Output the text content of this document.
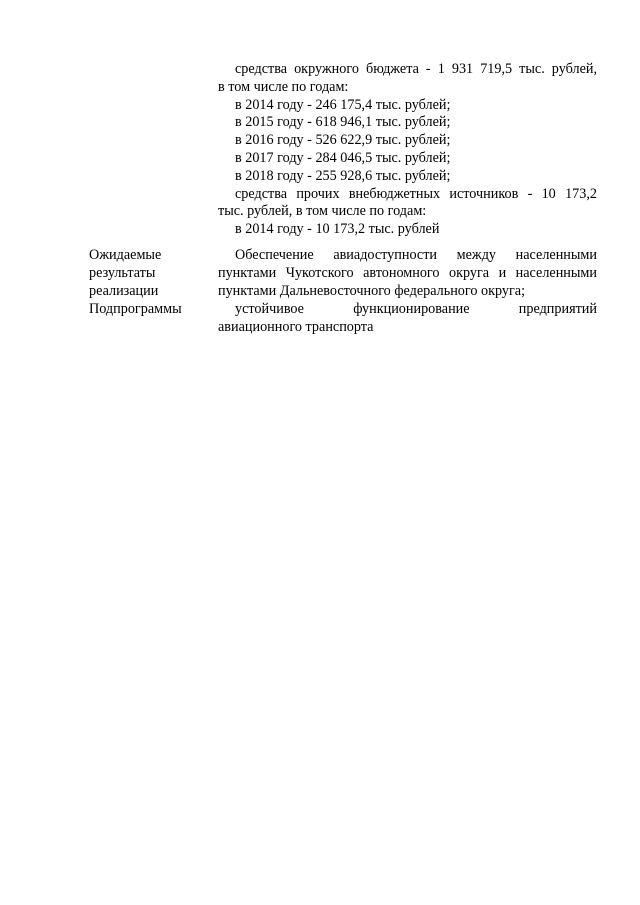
средства окружного бюджета - 1 931 719,5 тыс. рублей,
в том числе по годам:
в 2014 году - 246 175,4 тыс. рублей;
в 2015 году - 618 946,1 тыс. рублей;
в 2016 году - 526 622,9 тыс. рублей;
в 2017 году - 284 046,5 тыс. рублей;
в 2018 году - 255 928,6 тыс. рублей;
средства прочих внебюджетных источников - 10 173,2
тыс. рублей, в том числе по годам:
в 2014 году - 10 173,2 тыс. рублей
Ожидаемые
результаты
реализации
Обеспечение авиадоступности между населенными
пунктами Чукотского автономного округа и населенными
пунктами Дальневосточного федерального округа;
Подпрограммы	устойчивое функционирование предприятий
авиационного транспорта
